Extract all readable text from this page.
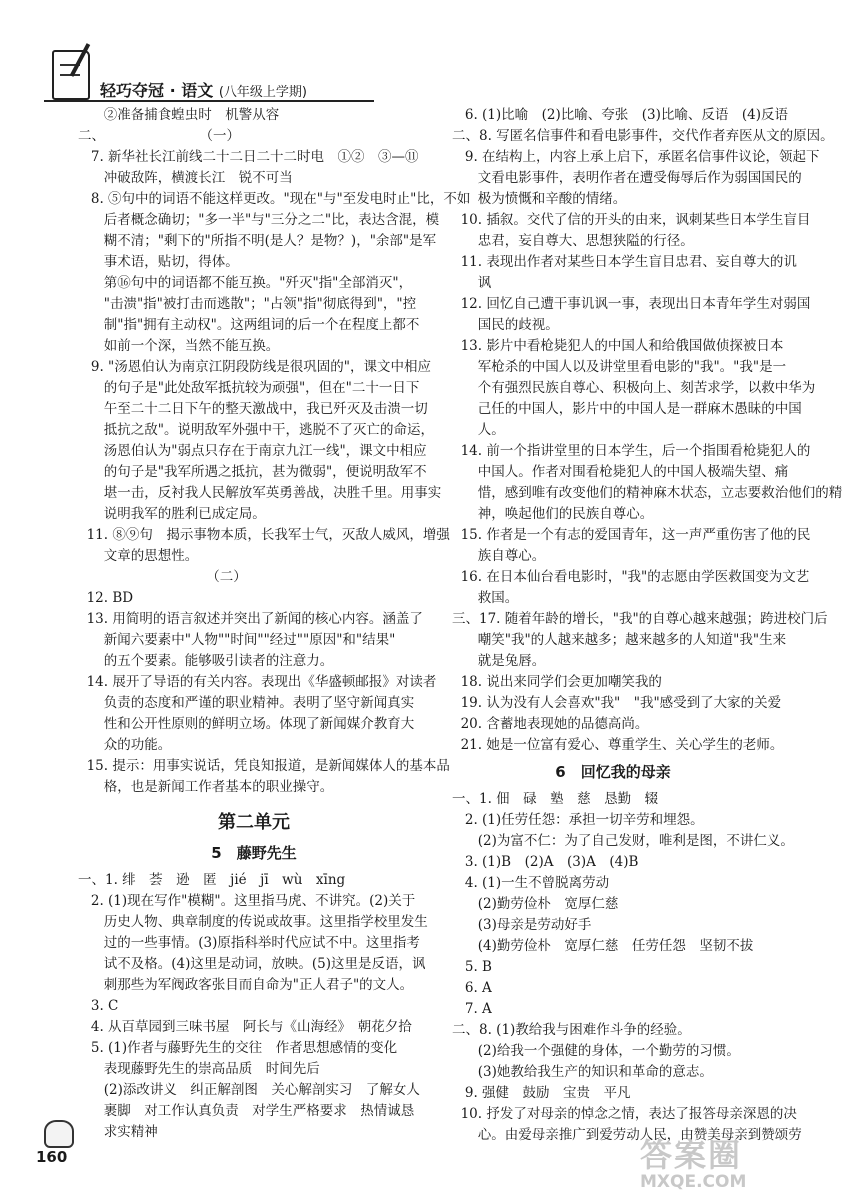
轻巧夺冠 · 语文 (八年级上学期)
②准备捕食蝗虫时　机警从容
二、　　　　　　　　（一）
7. 新华社长江前线二十二日二十二时电　①②　③—⑪
冲破敌阵，横渡长江　锐不可当
8. ⑤句中的词语不能这样更改。"现在"与"至发电时止"比，不如
后者概念确切；"多一半"与"三分之二"比，表达含混，模
糊不清；"剩下的"所指不明(是人？是物？)，"余部"是军
事术语，贴切，得体。
第⑯句中的词语都不能互换。"歼灭"指"全部消灭"，
"击溃"指"被打击而逃散"；"占领"指"彻底得到"，"控
制"指"拥有主动权"。这两组词的后一个在程度上都不
如前一个深，当然不能互换。
9. "汤恩伯认为南京江阴段防线是很巩固的"，课文中相应
的句子是"此处敌军抵抗较为顽强"，但在"二十一日下
午至二十二日下午的整天激战中，我已歼灭及击溃一切
抵抗之敌"。说明敌军外强中干，逃脱不了灭亡的命运，
汤恩伯认为"弱点只存在于南京九江一线"，课文中相应
的句子是"我军所遇之抵抗，甚为微弱"，便说明敌军不
堪一击，反衬我人民解放军英勇善战，决胜千里。用事实
说明我军的胜利已成定局。
11. ⑧⑨句　揭示事物本质，长我军士气，灭敌人威风，增强
文章的思想性。
　　　　　　　　　　（二）
12. BD
13. 用简明的语言叙述并突出了新闻的核心内容。涵盖了
新闻六要素中"人物""时间""经过""原因"和"结果"
的五个要素。能够吸引读者的注意力。
14. 展开了导语的有关内容。表现出《华盛顿邮报》对读者
负责的态度和严谨的职业精神。表明了坚守新闻真实
性和公开性原则的鲜明立场。体现了新闻媒介教育大
众的功能。
15. 提示：用事实说话，凭良知报道，是新闻媒体人的基本品
格，也是新闻工作者基本的职业操守。
第二单元
5　藤野先生
一、1. 绯　荟　逊　匿　jié　jī　wù　xīng
2. (1)现在写作"模糊"。这里指马虎、不讲究。(2)关于
历史人物、典章制度的传说或故事。这里指学校里发生
过的一些事情。(3)原指科举时代应试不中。这里指考
试不及格。(4)这里是动词，放映。(5)这里是反语，讽
刺那些为军阀政客张目而自命为"正人君子"的文人。
3. C
4. 从百草园到三味书屋　阿长与《山海经》　朝花夕拾
5. (1)作者与藤野先生的交往　作者思想感情的变化
表现藤野先生的崇高品质　时间先后
(2)添改讲义　纠正解剖图　关心解剖实习　了解女人
裹脚　对工作认真负责　对学生严格要求　热情诚恳
求实精神
6. (1)比喻　(2)比喻、夸张　(3)比喻、反语　(4)反语
二、8. 写匿名信事件和看电影事件，交代作者弃医从文的原因。
9. 在结构上，内容上承上启下，承匿名信事件议论，领起下
文看电影事件，表明作者在遭受侮辱后作为弱国国民的
极为愤慨和辛酸的情绪。
10. 插叙。交代了信的开头的由来，讽刺某些日本学生盲目
忠君，妄自尊大、思想狭隘的行径。
11. 表现出作者对某些日本学生盲目忠君、妄自尊大的讥
讽
12. 回忆自己遭干事讥讽一事，表现出日本青年学生对弱国
国民的歧视。
13. 影片中看枪毙犯人的中国人和给俄国做侦探被日本
军枪杀的中国人以及讲堂里看电影的"我"。"我"是一
个有强烈民族自尊心、积极向上、刻苦求学，以救中华为
己任的中国人，影片中的中国人是一群麻木愚昧的中国
人。
14. 前一个指讲堂里的日本学生，后一个指围看枪毙犯人的
中国人。作者对围看枪毙犯人的中国人极端失望、痛
惜，感到唯有改变他们的精神麻木状态，立志要救治他们的精
神，唤起他们的民族自尊心。
15. 作者是一个有志的爱国青年，这一声严重伤害了他的民
族自尊心。
16. 在日本仙台看电影时，"我"的志愿由学医救国变为文艺
救国。
三、17. 随着年龄的增长，"我"的自尊心越来越强；跨进校门后
嘲笑"我"的人越来越多；越来越多的人知道"我"生来
就是兔唇。
18. 说出来同学们会更加嘲笑我的
19. 认为没有人会喜欢"我"　"我"感受到了大家的关爱
20. 含蓄地表现她的品德高尚。
21. 她是一位富有爱心、尊重学生、关心学生的老师。
6　回忆我的母亲
一、1. 佃　碌　塾　慈　恳勤　辍
2. (1)任劳任怨：承担一切辛劳和埋怨。
(2)为富不仁：为了自己发财，唯利是图，不讲仁义。
3. (1)B　(2)A　(3)A　(4)B
4. (1)一生不曾脱离劳动
(2)勤劳俭朴　宽厚仁慈
(3)母亲是劳动好手
(4)勤劳俭朴　宽厚仁慈　任劳任怨　坚韧不拔
5. B
6. A
7. A
二、8. (1)教给我与困难作斗争的经验。
(2)给我一个强健的身体，一个勤劳的习惯。
(3)她教给我生产的知识和革命的意志。
9. 强健　鼓励　宝贵　平凡
10. 抒发了对母亲的悼念之情，表达了报答母亲深恩的决
心。由爱母亲推广到爱劳动人民，由赞美母亲到赞颂劳
160	答案圈
MXQE.COM
